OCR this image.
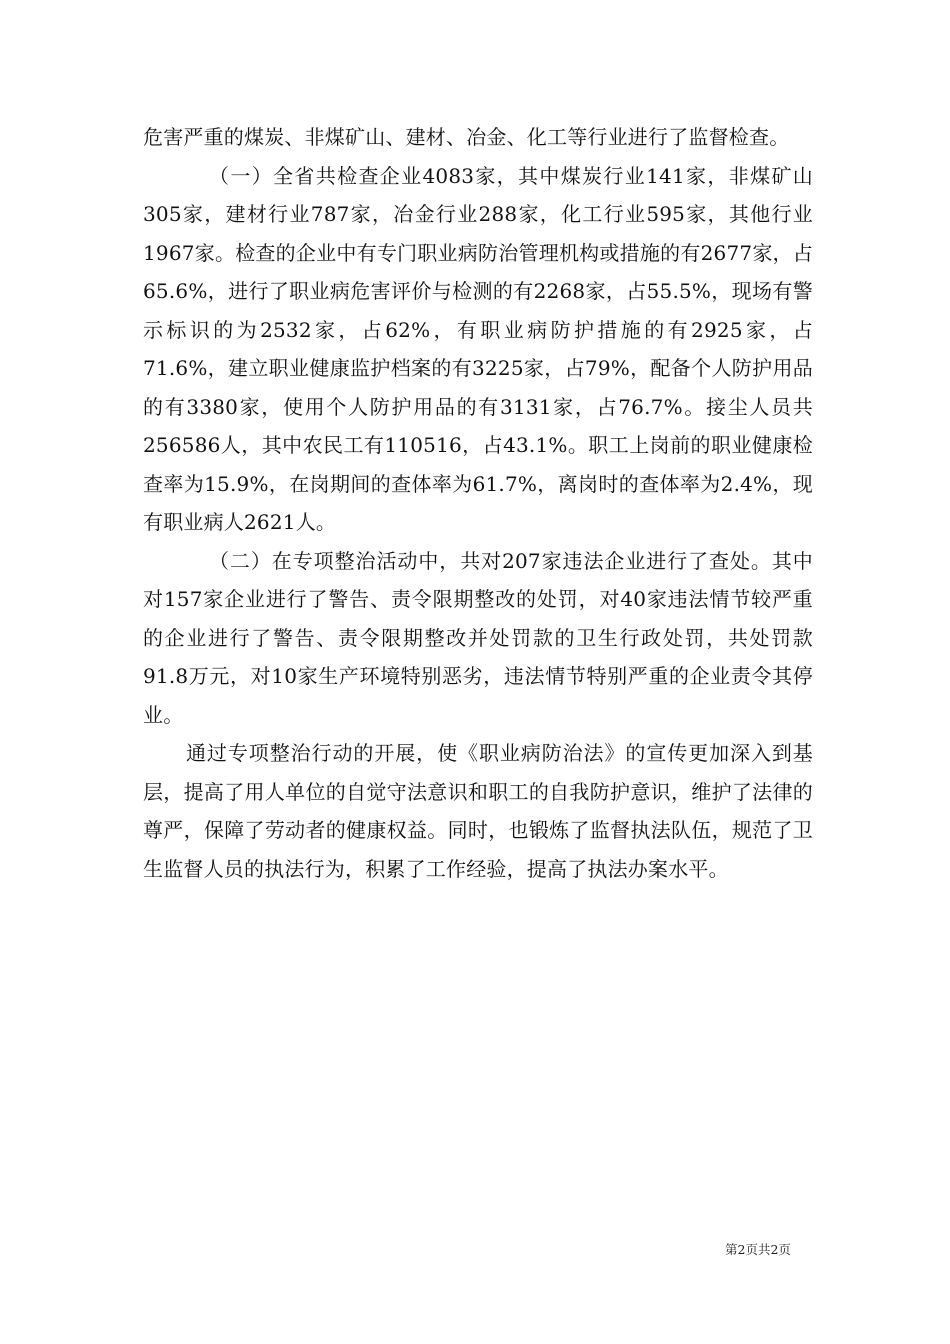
危害严重的煤炭、非煤矿山、建材、冶金、化工等行业进行了监督检查。

（一）全省共检查企业4083家，其中煤炭行业141家，非煤矿山305家，建材行业787家，冶金行业288家，化工行业595家，其他行业1967家。检查的企业中有专门职业病防治管理机构或措施的有2677家，占65.6%，进行了职业病危害评价与检测的有2268家，占55.5%，现场有警示标识的为2532家，占62%，有职业病防护措施的有2925家，占71.6%，建立职业健康监护档案的有3225家，占79%，配备个人防护用品的有3380家，使用个人防护用品的有3131家，占76.7%。接尘人员共256586人，其中农民工有110516，占43.1%。职工上岗前的职业健康检查率为15.9%，在岗期间的查体率为61.7%，离岗时的查体率为2.4%，现有职业病人2621人。

（二）在专项整治活动中，共对207家违法企业进行了查处。其中对157家企业进行了警告、责令限期整改的处罚，对40家违法情节较严重的企业进行了警告、责令限期整改并处罚款的卫生行政处罚，共处罚款91.8万元，对10家生产环境特别恶劣，违法情节特别严重的企业责令其停业。

通过专项整治行动的开展，使《职业病防治法》的宣传更加深入到基层，提高了用人单位的自觉守法意识和职工的自我防护意识，维护了法律的尊严，保障了劳动者的健康权益。同时，也锻炼了监督执法队伍，规范了卫生监督人员的执法行为，积累了工作经验，提高了执法办案水平。

第2页共2页
